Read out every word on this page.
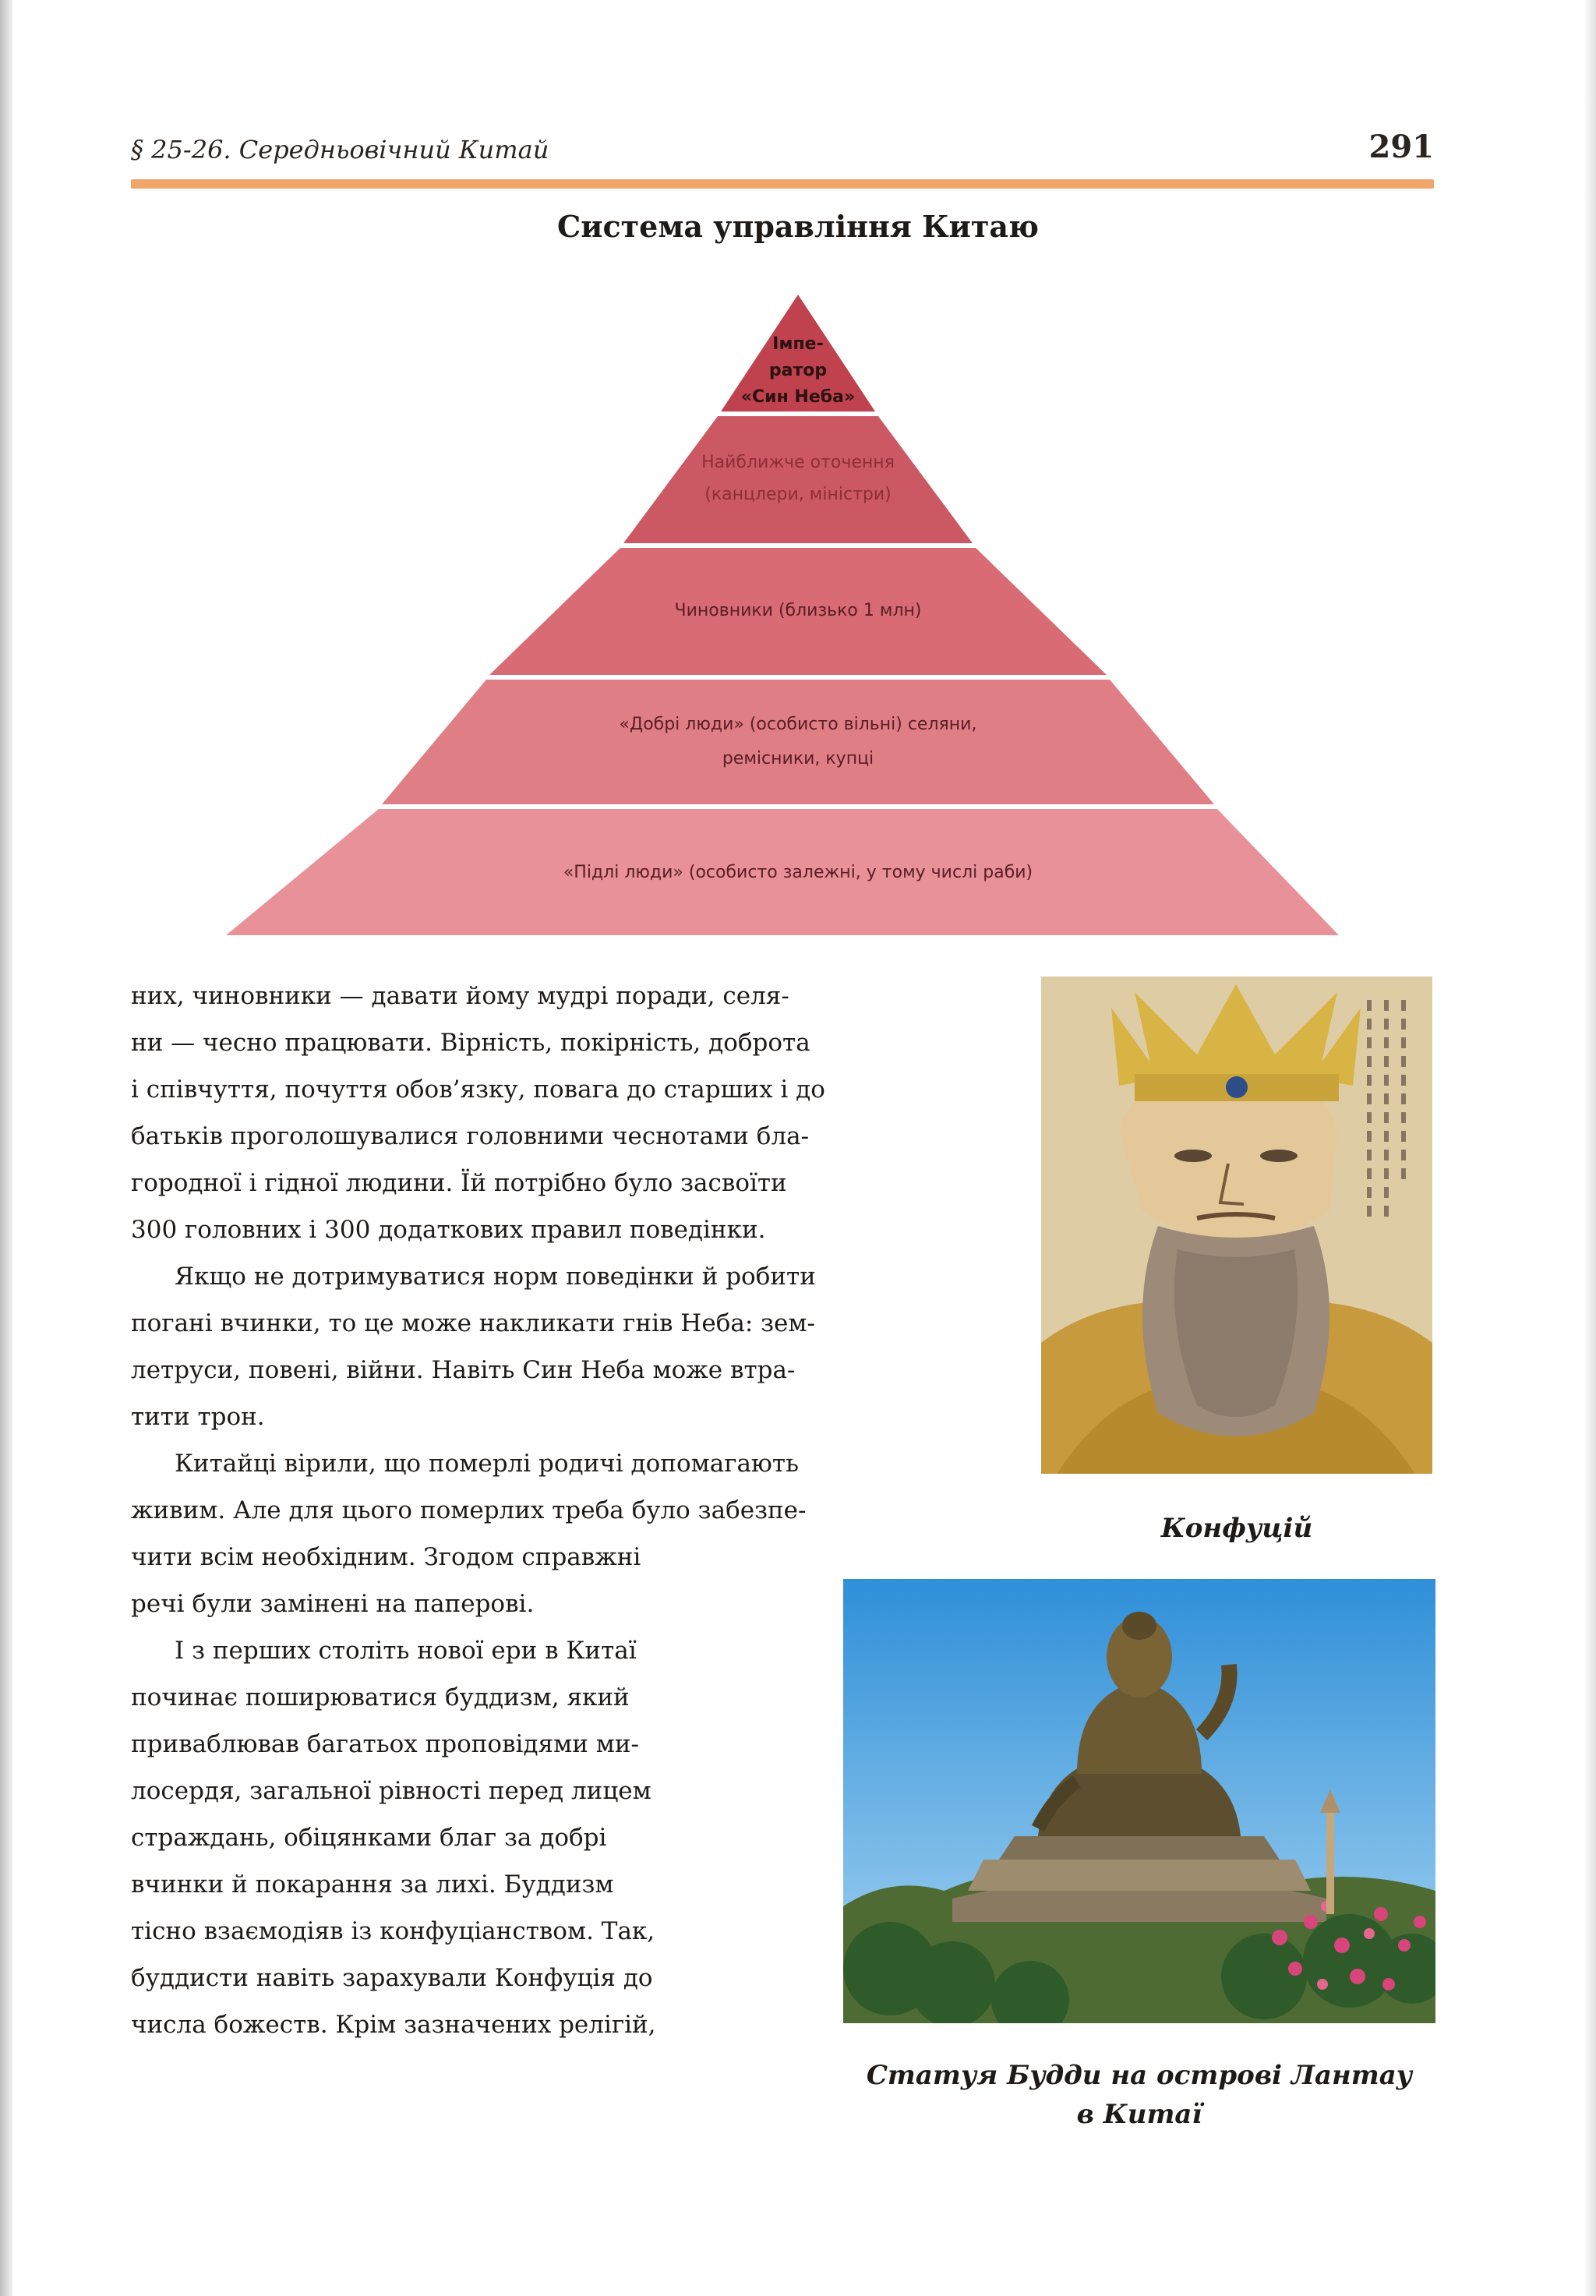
§ 25-26. Середньовічний Китай	291
Система управління Китаю
Імпе-
ратор
«Син Неба»
Найближче оточення
(канцлери, міністри)
Чиновники (близько 1 млн)
«Добрі люди» (особисто вільні) селяни,
ремісники, купці
«Підлі люди» (особисто залежні, у тому числі раби)

них, чиновники — давати йому мудрі поради, селя-

ни — чесно працювати. Вірність, покірність, доброта

і співчуття, почуття обов’язку, повага до старших і до

батьків проголошувалися головними чеснотами бла-

городної і гідної людини. Їй потрібно було засвоїти

300 головних і 300 додаткових правил поведінки.

Якщо не дотримуватися норм поведінки й робити

погані вчинки, то це може накликати гнів Неба: зем-

летруси, повені, війни. Навіть Син Неба може втра-

тити трон.

Китайці вірили, що померлі родичі допомагають

живим. Але для цього померлих треба було забезпе-

чити всім необхідним. Згодом справжні

речі були замінені на паперові.

І з перших століть нової ери в Китаї

починає поширюватися буддизм, який

приваблював багатьох проповідями ми-

лосердя, загальної рівності перед лицем

страждань, обіцянками благ за добрі

вчинки й покарання за лихі. Буддизм

тісно взаємодіяв із конфуціанством. Так,

буддисти навіть зарахували Конфуція до

числа божеств. Крім зазначених релігій,

Конфуцій
Статуя Будди на острові Лантау
в Китаї
